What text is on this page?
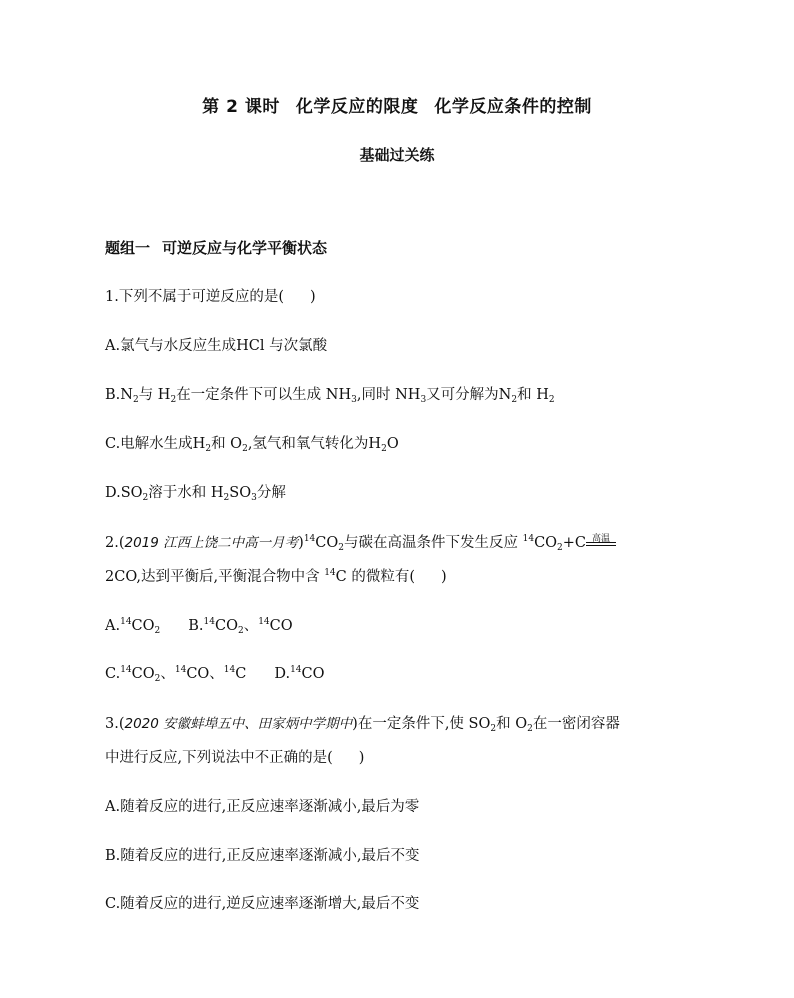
第 2 课时 化学反应的限度 化学反应条件的控制
基础过关练
题组一 可逆反应与化学平衡状态
1.下列不属于可逆反应的是( )
A.氯气与水反应生成HCl 与次氯酸
$B.N_2$与 $H_2$在一定条件下可以生成 $NH_3$,同时 $NH_3$又可分解为$N_2$和 $H_2$
C.电解水生成$H_2$和 $O_2$,氢气和氧气转化为$H_2O$
$D.SO_2$溶于水和 $H_2SO_3$分解
2.(2019 江西上饶二中高一月考)$^{14}CO_2$与碳在高温条件下发生反应 $^{14}CO_2+C$ 高温
2CO,达到平衡后,平衡混合物中含 $^{14}$C 的微粒有( )
$A.^{14}CO_2$ $B.^{14}CO_2$、$^{14}$CO
$C.^{14}CO_2$、$^{14}$CO、$^{14}$C D.$^{14}$CO
3.(2020 安徽蚌埠五中、田家炳中学期中)在一定条件下,使 $SO_2$和 $O_2$在一密闭容器
中进行反应,下列说法中不正确的是( )
A.随着反应的进行,正反应速率逐渐减小,最后为零
B.随着反应的进行,正反应速率逐渐减小,最后不变
C.随着反应的进行,逆反应速率逐渐增大,最后不变
